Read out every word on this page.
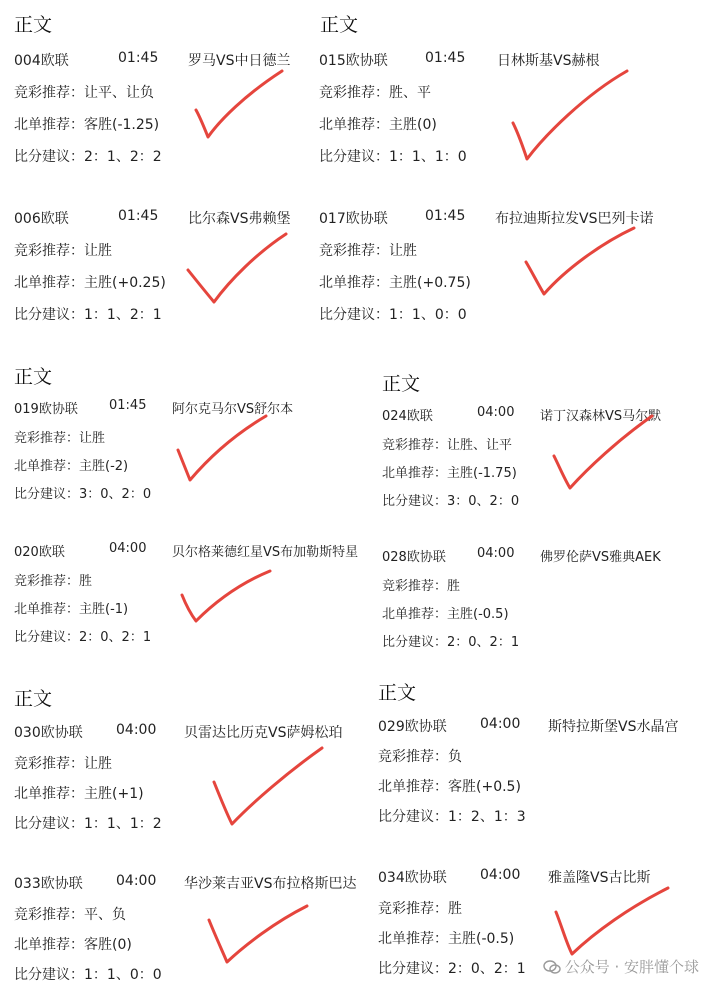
正文	正文
正文	正文
正文	正文
004欧联	01:45 罗马VS中日德兰
竞彩推荐：让平、让负
北单推荐：客胜(-1.25)
比分建议：2：1、2：2
015欧协联	01:45 日林斯基VS赫根
竞彩推荐：胜、平
北单推荐：主胜(0)
比分建议：1：1、1：0
006欧联	01:45 比尔森VS弗赖堡
竞彩推荐：让胜
北单推荐：主胜(+0.25)
比分建议：1：1、2：1
017欧协联	01:45 布拉迪斯拉发VS巴列卡诺
竞彩推荐：让胜
北单推荐：主胜(+0.75)
比分建议：1：1、0：0
019欧协联 01:45 阿尔克马尔VS舒尔本
竞彩推荐：让胜
北单推荐：主胜(-2)
比分建议：3：0、2：0
024欧联	04:00 诺丁汉森林VS马尔默
竞彩推荐：让胜、让平
北单推荐：主胜(-1.75)
比分建议：3：0、2：0
020欧联	04:00 贝尔格莱德红星VS布加勒斯特星
竞彩推荐：胜
北单推荐：主胜(-1)
比分建议：2：0、2：1
028欧协联 04:00 佛罗伦萨VS雅典AEK
竞彩推荐：胜
北单推荐：主胜(-0.5)
比分建议：2：0、2：1
030欧协联 04:00 贝雷达比历克VS萨姆松珀
竞彩推荐：让胜
北单推荐：主胜(+1)
比分建议：1：1、1：2
029欧协联 04:00 斯特拉斯堡VS水晶宫
竞彩推荐：负
北单推荐：客胜(+0.5)
比分建议：1：2、1：3
033欧协联 04:00 华沙莱吉亚VS布拉格斯巴达
竞彩推荐：平、负
北单推荐：客胜(0)
比分建议：1：1、0：0
034欧协联 04:00 雅盖隆VS古比斯
竞彩推荐：胜
北单推荐：主胜(-0.5)
比分建议：2：0、2：1	公众号 · 安胖懂个球
